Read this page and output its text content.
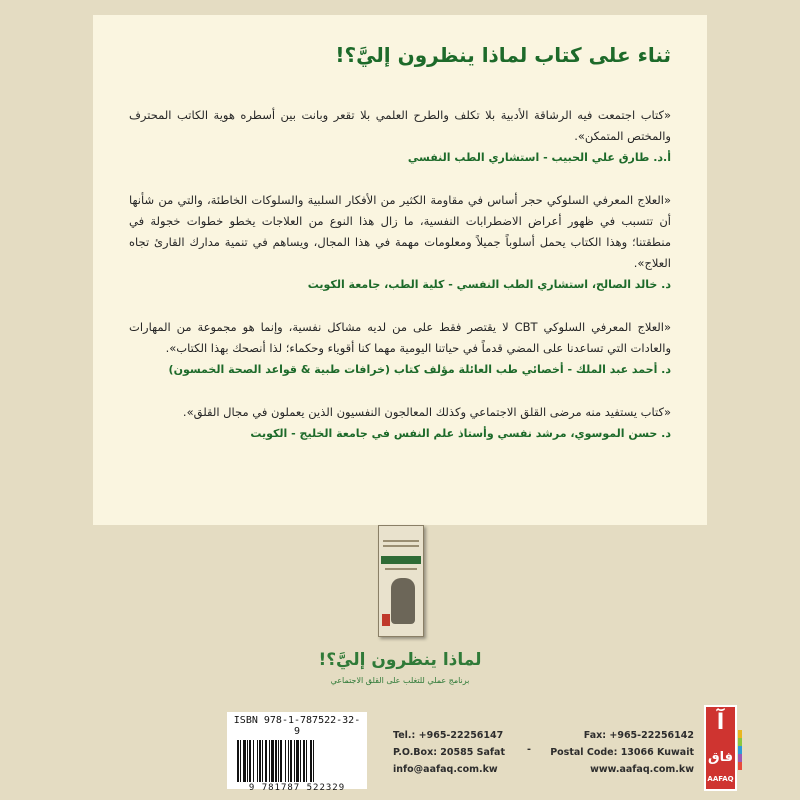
ثناء على كتاب لماذا ينظرون إليَّ؟!

«كتاب اجتمعت فيه الرشاقة الأدبية بلا تكلف والطرح العلمي بلا تقعر وبانت بين أسطره هوية الكاتب المحترف والمختص المتمكن».

أ.د. طارق علي الحبيب - استشاري الطب النفسي

«العلاج المعرفي السلوكي حجر أساس في مقاومة الكثير من الأفكار السلبية والسلوكات الخاطئة، والتي من شأنها أن تتسبب في ظهور أعراض الاضطرابات النفسية، ما زال هذا النوع من العلاجات يخطو خطوات خجولة في منطقتنا؛ وهذا الكتاب يحمل أسلوباً جميلاً ومعلومات مهمة في هذا المجال، ويساهم في تنمية مدارك القارئ تجاه العلاج».

د. خالد الصالح، استشاري الطب النفسي - كلية الطب، جامعة الكويت

«العلاج المعرفي السلوكي CBT لا يقتصر فقط على من لديه مشاكل نفسية، وإنما هو مجموعة من المهارات والعادات التي تساعدنا على المضي قدماً في حياتنا اليومية مهما كنا أقوياء وحكماء؛ لذا أنصحك بهذا الكتاب».

د. أحمد عبد الملك - أخصائي طب العائلة مؤلف كتاب (خرافات طبية & قواعد الصحة الخمسون)

«كتاب يستفيد منه مرضى القلق الاجتماعي وكذلك المعالجون النفسيون الذين يعملون في مجال القلق».

د. حسن الموسوي، مرشد نفسي وأستاذ علم النفس في جامعة الخليج - الكويت

لماذا ينظرون إليَّ؟!
برنامج عملي للتغلب على القلق الاجتماعي

ISBN 978-1-787522-32-9

9 781787 522329

Tel.: +965-22256147
P.O.Box: 20585 Safat
info@aafaq.com.kw
Fax: +965-22256142
Postal Code: 13066 Kuwait
www.aafaq.com.kw
-
آ
فاق
AAFAQ
